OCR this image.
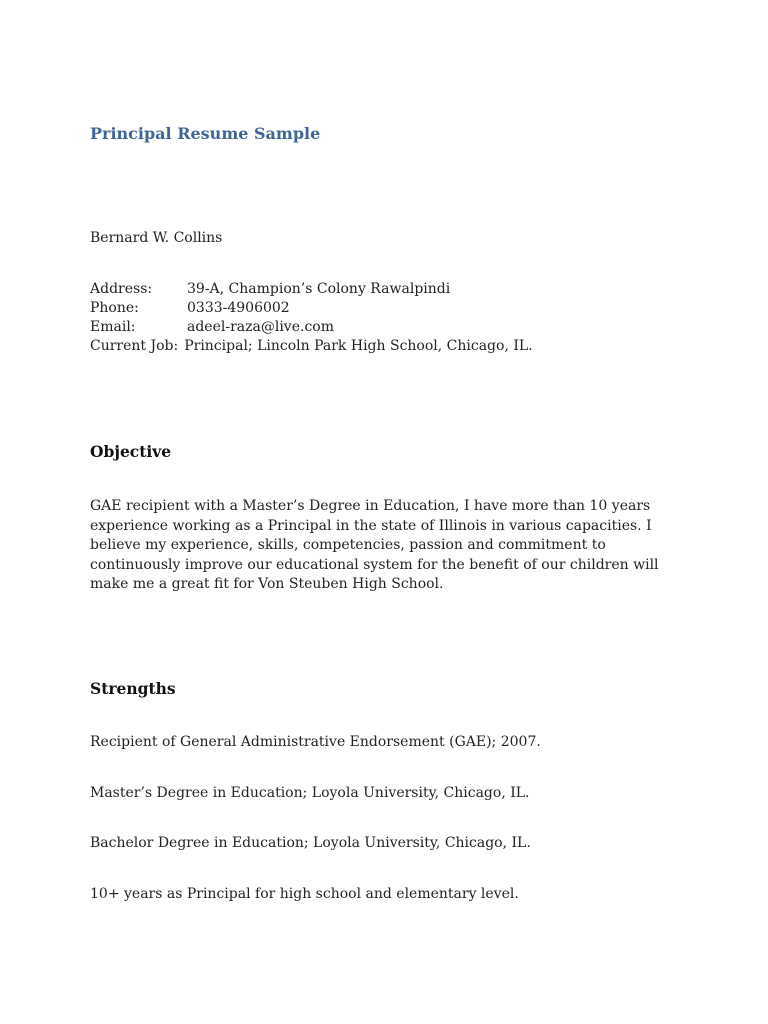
Principal Resume Sample
Bernard W. Collins
Address:	39-A, Champion’s Colony Rawalpindi
Phone:	0333-4906002
Email:	adeel-raza@live.com
Current Job: Principal; Lincoln Park High School, Chicago, IL.
Objective
GAE recipient with a Master’s Degree in Education, I have more than 10 years experience working as a Principal in the state of Illinois in various capacities. I believe my experience, skills, competencies, passion and commitment to continuously improve our educational system for the benefit of our children will make me a great fit for Von Steuben High School.
Strengths
Recipient of General Administrative Endorsement (GAE); 2007.
Master’s Degree in Education; Loyola University, Chicago, IL.
Bachelor Degree in Education; Loyola University, Chicago, IL.
10+ years as Principal for high school and elementary level.
